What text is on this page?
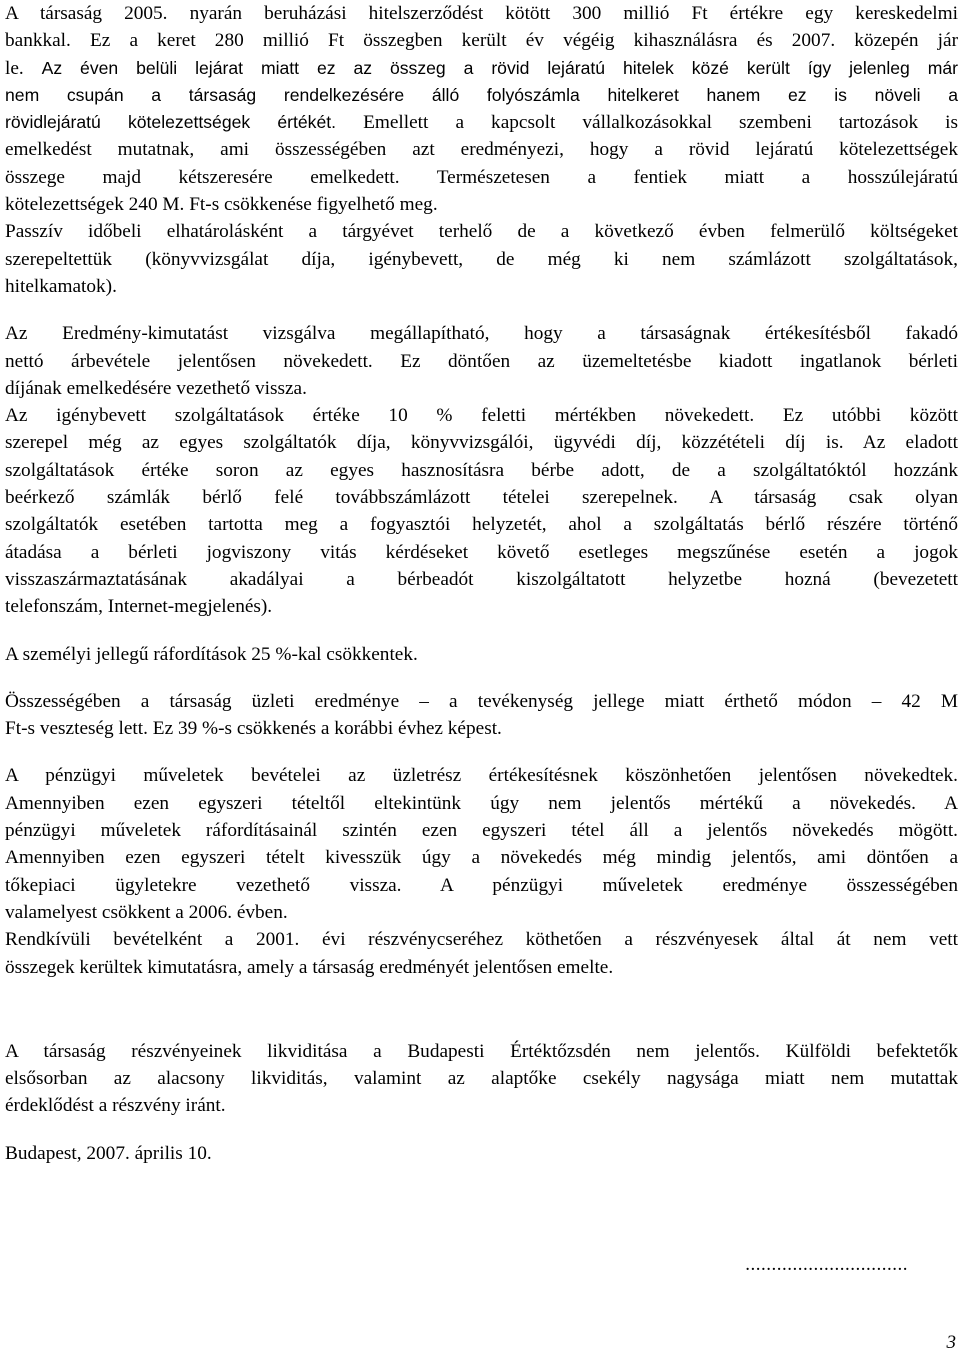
A társaság 2005. nyarán beruházási hitelszerződést kötött 300 millió Ft értékre egy kereskedelmi
bankkal. Ez a keret 280 millió Ft összegben került év végéig kihasználásra és 2007. közepén jár
le. Az éven belüli lejárat miatt ez az összeg a rövid lejáratú hitelek közé került így jelenleg már
nem csupán a társaság rendelkezésére álló folyószámla hitelkeret hanem ez is növeli a
rövidlejáratú kötelezettségek értékét. Emellett a kapcsolt vállalkozásokkal szembeni tartozások is
emelkedést mutatnak, ami összességében azt eredményezi, hogy a rövid lejáratú kötelezettségek
összege majd kétszeresére emelkedett. Természetesen a fentiek miatt a hosszúlejáratú
kötelezettségek 240 M. Ft-s csökkenése figyelhető meg.

Passzív időbeli elhatárolásként a tárgyévet terhelő de a következő évben felmerülő költségeket
szerepeltettük (könyvvizsgálat díja, igénybevett, de még ki nem számlázott szolgáltatások,
hitelkamatok).

Az Eredmény-kimutatást vizsgálva megállapítható, hogy a társaságnak értékesítésből fakadó
nettó árbevétele jelentősen növekedett. Ez döntően az üzemeltetésbe kiadott ingatlanok bérleti
díjának emelkedésére vezethető vissza.

Az igénybevett szolgáltatások értéke 10 % feletti mértékben növekedett. Ez utóbbi között
szerepel még az egyes szolgáltatók díja, könyvvizsgálói, ügyvédi díj, közzétételi díj is. Az eladott
szolgáltatások értéke soron az egyes hasznosításra bérbe adott, de a szolgáltatóktól hozzánk
beérkező számlák bérlő felé továbbszámlázott tételei szerepelnek. A társaság csak olyan
szolgáltatók esetében tartotta meg a fogyasztói helyzetét, ahol a szolgáltatás bérlő részére történő
átadása a bérleti jogviszony vitás kérdéseket követő esetleges megszűnése esetén a jogok
visszaszármaztatásának akadályai a bérbeadót kiszolgáltatott helyzetbe hozná (bevezetett
telefonszám, Internet-megjelenés).

A személyi jellegű ráfordítások 25 %-kal csökkentek.

Összességében a társaság üzleti eredménye – a tevékenység jellege miatt érthető módon – 42 M
Ft-s veszteség lett. Ez 39 %-s csökkenés a korábbi évhez képest.

A pénzügyi műveletek bevételei az üzletrész értékesítésnek köszönhetően jelentősen növekedtek.
Amennyiben ezen egyszeri tételtől eltekintünk úgy nem jelentős mértékű a növekedés. A
pénzügyi műveletek ráfordításainál szintén ezen egyszeri tétel áll a jelentős növekedés mögött.
Amennyiben ezen egyszeri tételt kivesszük úgy a növekedés még mindig jelentős, ami döntően a
tőkepiaci ügyletekre vezethető vissza. A pénzügyi műveletek eredménye összességében
valamelyest csökkent a 2006. évben.
Rendkívüli bevételként a 2001. évi részvénycseréhez köthetően a részvényesek által át nem vett
összegek kerültek kimutatásra, amely a társaság eredményét jelentősen emelte.

A társaság részvényeinek likviditása a Budapesti Értéktőzsdén nem jelentős. Külföldi befektetők
elsősorban az alacsony likviditás, valamint az alaptőke csekély nagysága miatt nem mutattak
érdeklődést a részvény iránt.

Budapest, 2007. április 10.

...............................
3
